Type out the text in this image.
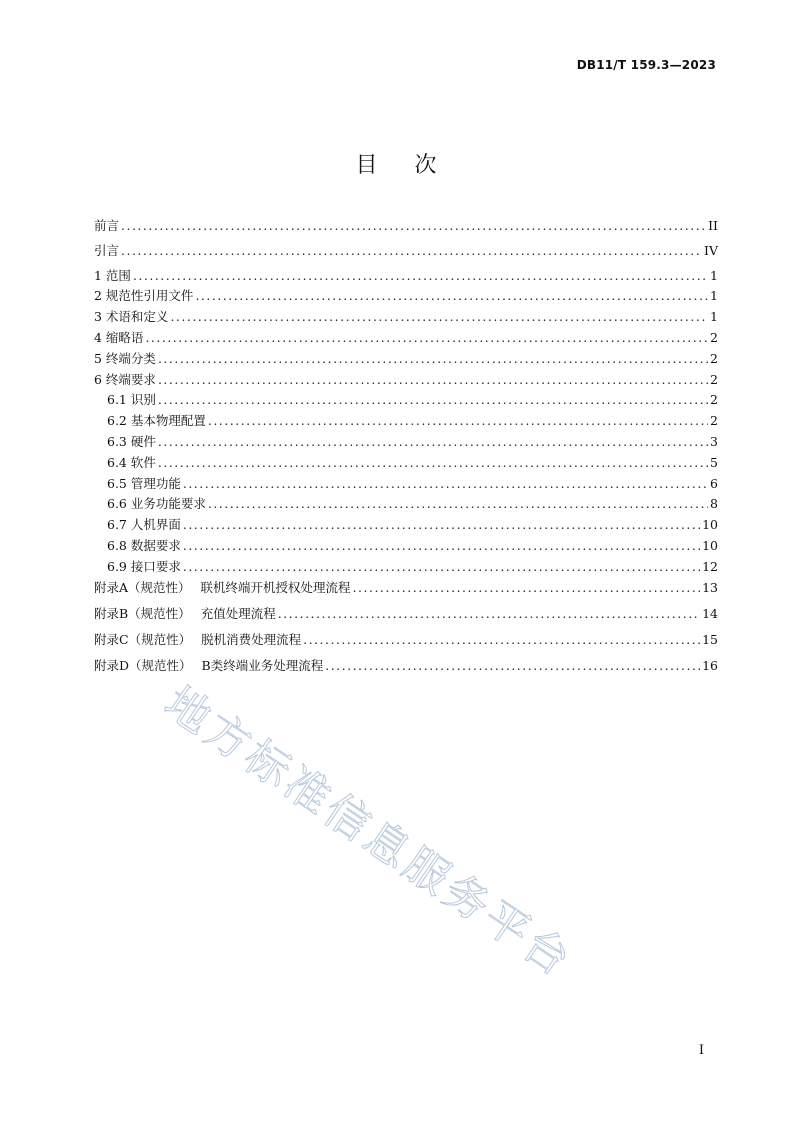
DB11/T 159.3—2023
目 次
前言 .....	II
引言 .....	IV
1 范围 .....	1
2 规范性引用文件 .....	1
3 术语和定义 .....	1
4 缩略语 .....	2
5 终端分类 .....	2
6 终端要求 .....	2
6.1 识别 .....	2
6.2 基本物理配置 .....	2
6.3 硬件 .....	3
6.4 软件 .....	5
6.5 管理功能 .....	6
6.6 业务功能要求 .....	8
6.7 人机界面 .....	10
6.8 数据要求 .....	10
6.9 接口要求 .....	12
附录A（规范性） 联机终端开机授权处理流程 .....	13
附录B（规范性） 充值处理流程 .....	14
附录C（规范性） 脱机消费处理流程 .....	15
附录D（规范性） B类终端业务处理流程 .....	16
地方标准信息服务平台
I
